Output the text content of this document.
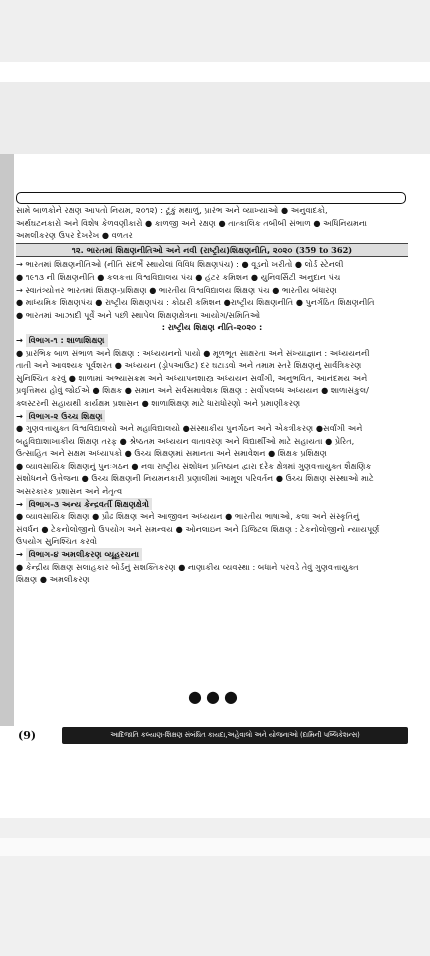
સામે બાળકોને રક્ષણ આપતો નિયમ, ૨૦૧૨) : ટૂંકું મથાળું, પ્રારંભ અને વ્યાખ્યાઓ ● અનુવાદકો,
અર્થઘટનકારો અને વિશેષ કેળવણીકારો ● કાળજી અને રક્ષણ ● તાત્કાલિક તબીબી સંભાળ ● અધિનિયમના
અમલીકરણ ઉપર દેખરેખ ● વળતર
૧૨. ભારતમાં શિક્ષણનીતિઓ અને નવી (રાષ્ટ્રીય)શિક્ષણનીતિ, ૨૦૨૦ (359 to 362)
→ ભારતમાં શિક્ષણનીતિઓ (નીતિ સંદર્ભે સ્થાયેલાં વિવિધ શિક્ષણપંચ) : ● વૂડનો ખરીતો ● લોર્ડ સ્ટેનલી
● ૧૯૧૩ ની શિક્ષણનીતિ ● કલકત્તા વિશ્વવિદ્યાલય પંચ ● હંટર કમિશન ● યુનિવર્સિટી અનુદાન પંચ
→ સ્વાતંત્ર્યોત્તર ભારતમાં શિક્ષણ-પ્રશિક્ષણ ● ભારતીય વિશ્વવિદ્યાલય શિક્ષણ પંચ ● ભારતીય બંધારણ
● માધ્યમિક શિક્ષણપંચ ● રાષ્ટ્રીય શિક્ષણપંચ : કોઠારી કમિશન ●રાષ્ટ્રીય શિક્ષણનીતિ ● પુનર્ગઠિત શિક્ષણનીતિ
● ભારતમાં આઝાદી પૂર્વે અને પછી સ્થાપેલ શિક્ષણક્ષેત્રના આયોગ/સમિતિઓ
: રાષ્ટ્રીય શિક્ષણ નીતિ-૨૦૨૦ :
→ વિભાગ-૧ : શાળાશિક્ષણ
● પ્રારંભિક બાળ સંભાળ અને શિક્ષણ : અધ્યયનનો પાયો ● મૂળભૂત સાક્ષરતા અને સંખ્યાજ્ઞાન : અધ્યયનની
તાતી અને આવશ્યક પૂર્વશરત ● અધ્યયન (ડ્રોપઆઉટ) દર ઘટાડવો અને તમામ સ્તરે શિક્ષણનું સાર્વત્રિકરણ
સુનિશ્ચિત કરવું ● શાળામાં અભ્યાસક્રમ અને અધ્યાપનશાસ્ત્ર અધ્યયન સર્વાંગી, અનુભવિત, આનંદમય અને
પ્રવૃત્તિમય હોવું જોઈએ ● શિક્ષક ● સમાન અને સર્વસમાવેશક શિક્ષણ : સર્વોપલબ્ધ અધ્યયન ● શાળાસંકુલ/
ક્લસ્ટરની સહાયથી કાર્યક્ષમ પ્રશાસન ● શાળાશિક્ષણ માટે ધારાધોરણો અને પ્રમાણીકરણ
→ વિભાગ-૨ ઉચ્ચ શિક્ષણ
● ગુણવત્તાયુક્ત વિશ્વવિદ્યાલયો અને મહાવિદ્યાલયો ●સંસ્થાકીય પુનર્ગઠન અને એકત્રીકરણ ●સર્વાંગી અને
બહુવિદ્યાશાખાકીય શિક્ષણ તરફ ● શ્રેષ્ઠતમ અધ્યયન વાતાવરણ અને વિદ્યાર્થીઓ માટે સહાયતા ● પ્રેરિત,
ઉત્સાહિત અને સક્ષમ અધ્યાપકો ● ઉચ્ચ શિક્ષણમાં સમાનતા અને સમાવેશન ● શિક્ષક પ્રશિક્ષણ
● વ્યાવસાયિક શિક્ષણનું પુનઃગઠન ● નવા રાષ્ટ્રીય સંશોધન પ્રતિષ્ઠાન દ્વારા દરેક ક્ષેત્રમાં ગુણવત્તાયુક્ત શૈક્ષણિક
સંશોધનને ઉત્તેજના ● ઉચ્ચ શિક્ષણની નિયમનકારી પ્રણાલીમાં આમૂલ પરિવર્તન ● ઉચ્ચ શિક્ષણ સંસ્થાઓ માટે
અસરકારક પ્રશાસન અને નેતૃત્વ
→ વિભાગ-૩ અન્ય કેન્દ્રવર્તી શિક્ષણક્ષેત્રો
● વ્યાવસાયિક શિક્ષણ ● પ્રૌઢ શિક્ષણ અને આજીવન અધ્યયન ● ભારતીય ભાષાઓ, કલા અને સંસ્કૃતિનું
સંવર્ધન ● ટેકનોલોજીનો ઉપયોગ અને સમન્વય ● ઓનલાઇન અને ડિજિટલ શિક્ષણ : ટેકનોલોજીનો ન્યાયપૂર્ણ
ઉપયોગ સુનિશ્ચિત કરવો
→ વિભાગ-૪ અમલીકરણ વ્યૂહરચના
● કેન્દ્રીય શિક્ષણ સલાહકાર બોર્ડનું સશક્તિકરણ ● નાણાકીય વ્યવસ્થા : બધાને પરવડે તેવું ગુણવત્તાયુક્ત
શિક્ષણ ● અમલીકરણ
●●●
(9)	આદિજાતિ કલ્યાણ-શિક્ષણ સંબંધિત કાયદા,અહેવાલો અને યોજનાઓ (દામિની પબ્લિકેશન્સ)
